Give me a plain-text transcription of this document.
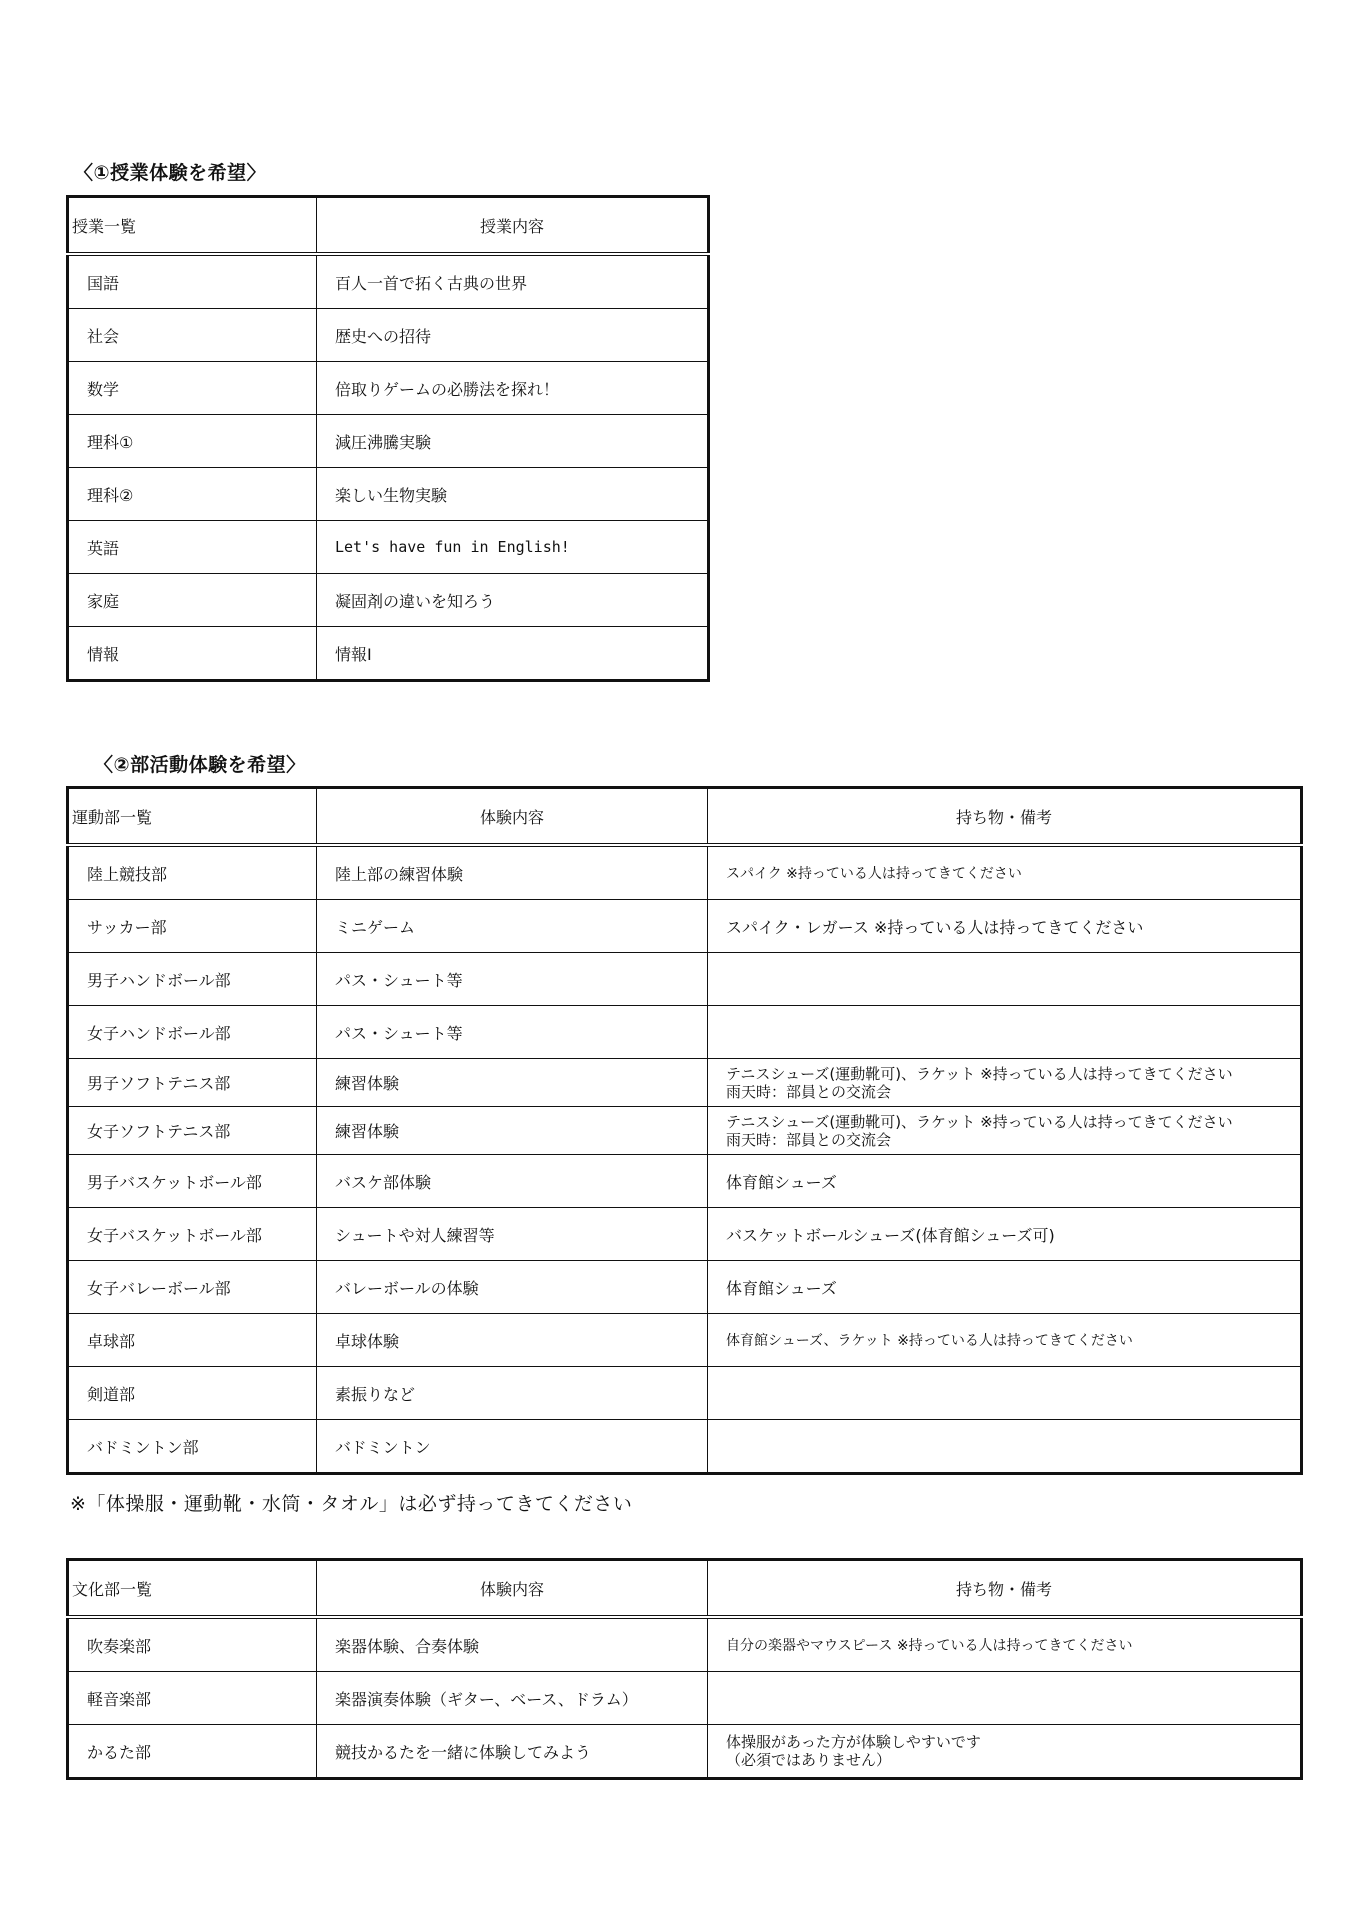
〈①授業体験を希望〉
授業一覧	授業内容
国語	百人一首で拓く古典の世界
社会	歴史への招待
数学	倍取りゲームの必勝法を探れ！
理科①	減圧沸騰実験
理科②	楽しい生物実験
英語	Let's have fun in English!
家庭	凝固剤の違いを知ろう
情報	情報Ⅰ
〈②部活動体験を希望〉
運動部一覧	体験内容	持ち物・備考
陸上競技部	陸上部の練習体験	スパイク ※持っている人は持ってきてください
サッカー部	ミニゲーム	スパイク・レガース ※持っている人は持ってきてください
男子ハンドボール部	パス・シュート等	
女子ハンドボール部	パス・シュート等	
男子ソフトテニス部	練習体験	テニスシューズ(運動靴可)、ラケット ※持っている人は持ってきてください
雨天時：部員との交流会

女子ソフトテニス部	練習体験	テニスシューズ(運動靴可)、ラケット ※持っている人は持ってきてください
雨天時：部員との交流会

男子バスケットボール部	バスケ部体験	体育館シューズ
女子バスケットボール部	シュートや対人練習等	バスケットボールシューズ(体育館シューズ可)
女子バレーボール部	バレーボールの体験	体育館シューズ
卓球部	卓球体験	体育館シューズ、ラケット ※持っている人は持ってきてください
剣道部	素振りなど	
バドミントン部	バドミントン	
※「体操服・運動靴・水筒・タオル」は必ず持ってきてください
文化部一覧	体験内容	持ち物・備考
吹奏楽部	楽器体験、合奏体験	自分の楽器やマウスピース ※持っている人は持ってきてください
軽音楽部	楽器演奏体験（ギター、ベース、ドラム）	
かるた部	競技かるたを一緒に体験してみよう	体操服があった方が体験しやすいです
（必須ではありません）
